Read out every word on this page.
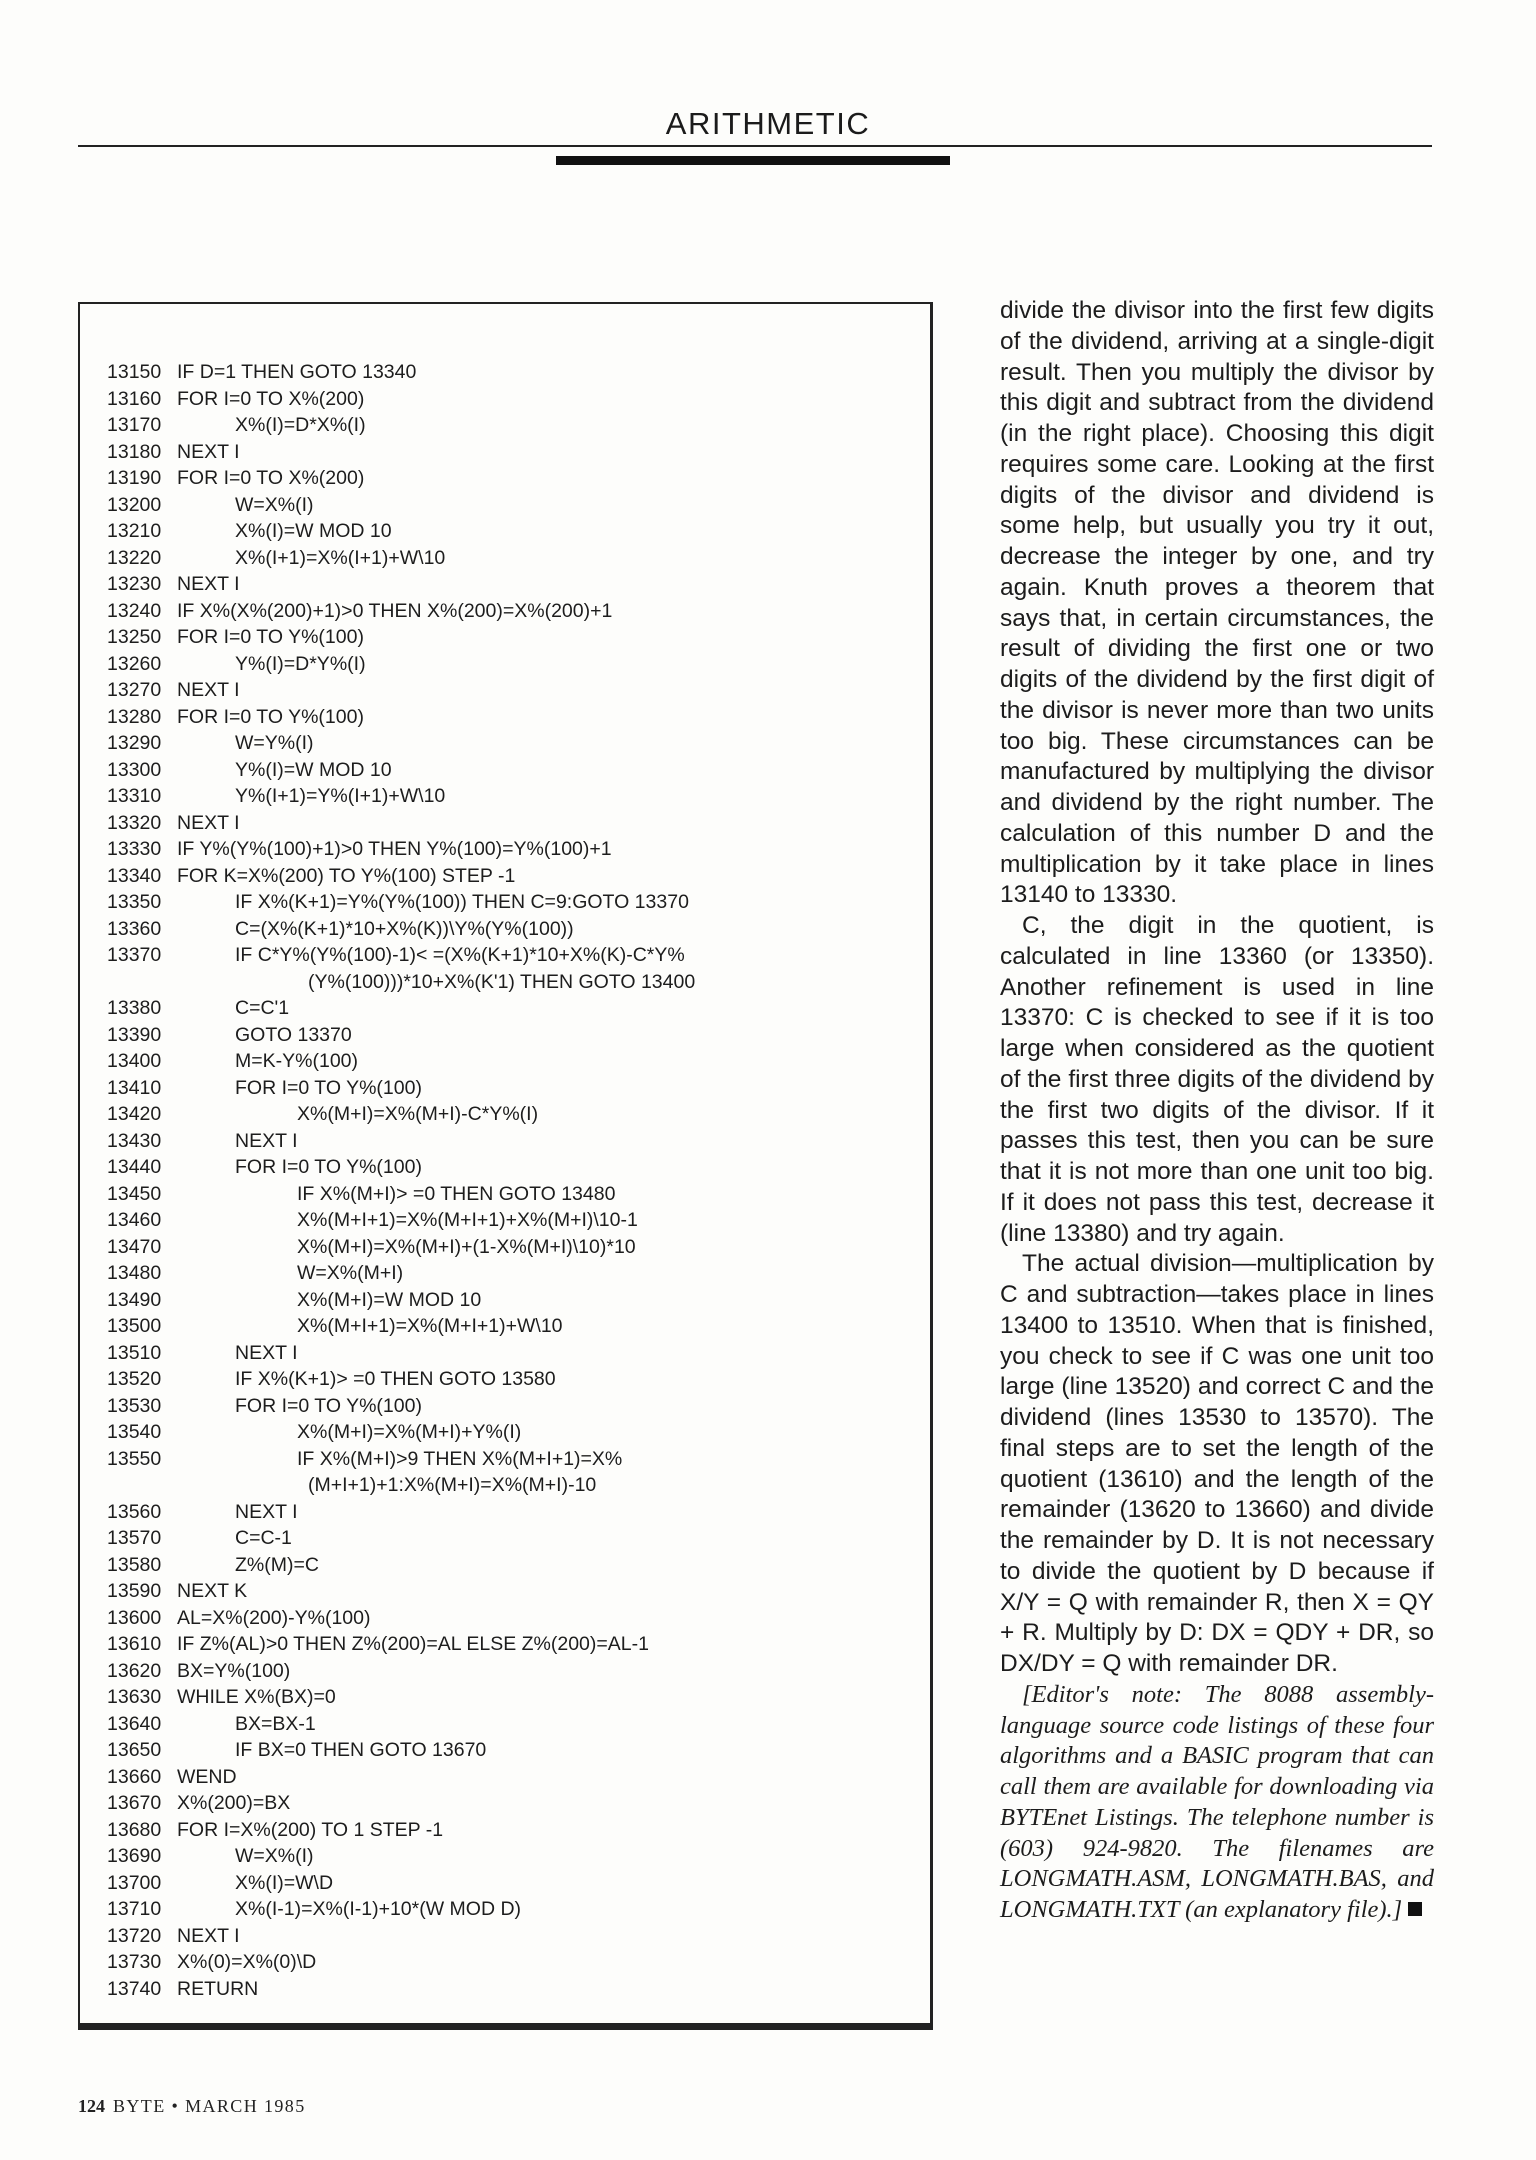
ARITHMETIC
13150 IF D=1 THEN GOTO 13340
13160 FOR I=0 TO X%(200)
13170	X%(I)=D*X%(I)
13180 NEXT I
13190 FOR I=0 TO X%(200)
13200	W=X%(I)
13210	X%(I)=W MOD 10
13220	X%(I+1)=X%(I+1)+W\10
13230 NEXT I
13240 IF X%(X%(200)+1)>0 THEN X%(200)=X%(200)+1
13250 FOR I=0 TO Y%(100)
13260	Y%(I)=D*Y%(I)
13270 NEXT I
13280 FOR I=0 TO Y%(100)
13290	W=Y%(I)
13300	Y%(I)=W MOD 10
13310	Y%(I+1)=Y%(I+1)+W\10
13320 NEXT I
13330 IF Y%(Y%(100)+1)>0 THEN Y%(100)=Y%(100)+1
13340 FOR K=X%(200) TO Y%(100) STEP -1
13350	IF X%(K+1)=Y%(Y%(100)) THEN C=9:GOTO 13370
13360	C=(X%(K+1)*10+X%(K))\Y%(Y%(100))
13370	IF C*Y%(Y%(100)-1)< =(X%(K+1)*10+X%(K)-C*Y%
(Y%(100)))*10+X%(K'1) THEN GOTO 13400
13380	C=C'1
13390	GOTO 13370
13400	M=K-Y%(100)
13410	FOR I=0 TO Y%(100)
13420	X%(M+I)=X%(M+I)-C*Y%(I)
13430	NEXT I
13440	FOR I=0 TO Y%(100)
13450	IF X%(M+I)> =0 THEN GOTO 13480
13460	X%(M+I+1)=X%(M+I+1)+X%(M+I)\10-1
13470	X%(M+I)=X%(M+I)+(1-X%(M+I)\10)*10
13480	W=X%(M+I)
13490	X%(M+I)=W MOD 10
13500	X%(M+I+1)=X%(M+I+1)+W\10
13510	NEXT I
13520	IF X%(K+1)> =0 THEN GOTO 13580
13530	FOR I=0 TO Y%(100)
13540	X%(M+I)=X%(M+I)+Y%(I)
13550	IF X%(M+I)>9 THEN X%(M+I+1)=X%
(M+I+1)+1:X%(M+I)=X%(M+I)-10
13560	NEXT I
13570	C=C-1
13580	Z%(M)=C
13590 NEXT K
13600 AL=X%(200)-Y%(100)
13610 IF Z%(AL)>0 THEN Z%(200)=AL ELSE Z%(200)=AL-1
13620 BX=Y%(100)
13630 WHILE X%(BX)=0
13640	BX=BX-1
13650	IF BX=0 THEN GOTO 13670
13660 WEND
13670 X%(200)=BX
13680 FOR I=X%(200) TO 1 STEP -1
13690	W=X%(I)
13700	X%(I)=W\D
13710	X%(I-1)=X%(I-1)+10*(W MOD D)
13720 NEXT I
13730 X%(0)=X%(0)\D
13740 RETURN

divide the divisor into the first few digits of the dividend, arriving at a single-digit result. Then you multiply the divisor by this digit and subtract from the dividend (in the right place). Choosing this digit requires some care. Looking at the first digits of the divisor and dividend is some help, but usually you try it out, decrease the integer by one, and try again. Knuth proves a theorem that says that, in certain circumstances, the result of dividing the first one or two digits of the dividend by the first digit of the divisor is never more than two units too big. These circumstances can be manufactured by multiplying the divisor and dividend by the right number. The calculation of this number D and the multiplication by it take place in lines 13140 to 13330.

C, the digit in the quotient, is calculated in line 13360 (or 13350). Another refinement is used in line 13370: C is checked to see if it is too large when considered as the quotient of the first three digits of the dividend by the first two digits of the divisor. If it passes this test, then you can be sure that it is not more than one unit too big. If it does not pass this test, decrease it (line 13380) and try again.

The actual division—multiplication by C and subtraction—takes place in lines 13400 to 13510. When that is finished, you check to see if C was one unit too large (line 13520) and correct C and the dividend (lines 13530 to 13570). The final steps are to set the length of the quotient (13610) and the length of the remainder (13620 to 13660) and divide the remainder by D. It is not necessary to divide the quotient by D because if X/Y = Q with remainder R, then X = QY + R. Multiply by D: DX = QDY + DR, so DX/DY = Q with remainder DR.

[Editor's note: The 8088 assembly-language source code listings of these four algorithms and a BASIC program that can call them are available for downloading via BYTEnet Listings. The telephone number is (603) 924-9820. The filenames are LONGMATH.ASM, LONGMATH.BAS, and LONGMATH.TXT (an explanatory file).]

124 BYTE • MARCH 1985
